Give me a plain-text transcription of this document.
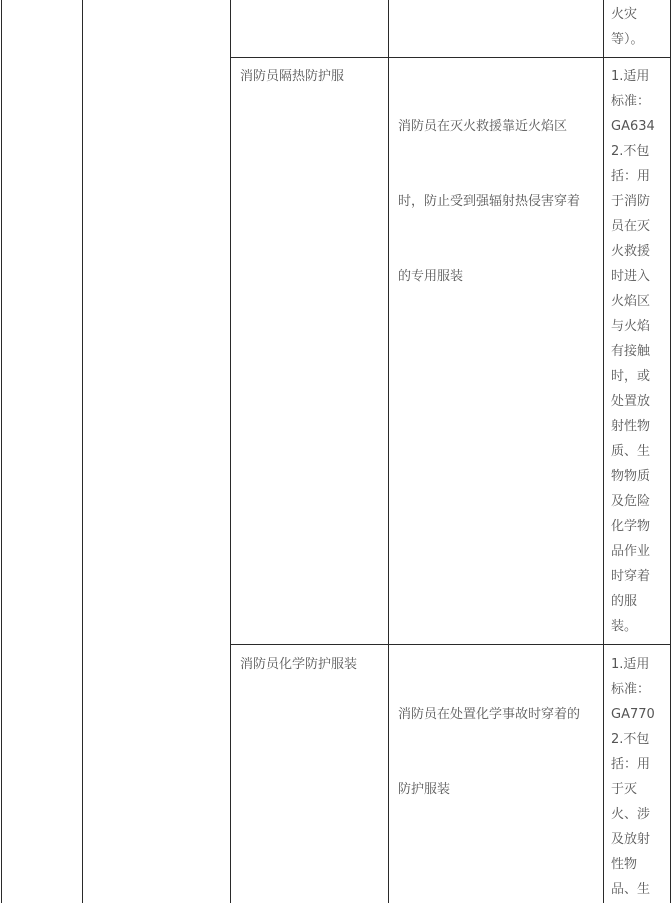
火灾
等）。
消防员隔热防护服

消防员在灭火救援靠近火焰区

时，防止受到强辐射热侵害穿着

的专用服装

1.适用
标准：
GA634
2.不包
括：用
于消防
员在灭
火救援
时进入
火焰区
与火焰
有接触
时，或
处置放
射性物
质、生
物物质
及危险
化学物
品作业
时穿着
的服
装。
消防员化学防护服装

消防员在处置化学事故时穿着的

防护服装

1.适用
标准：
GA770
2.不包
括：用
于灭
火、涉
及放射
性物
品、生
